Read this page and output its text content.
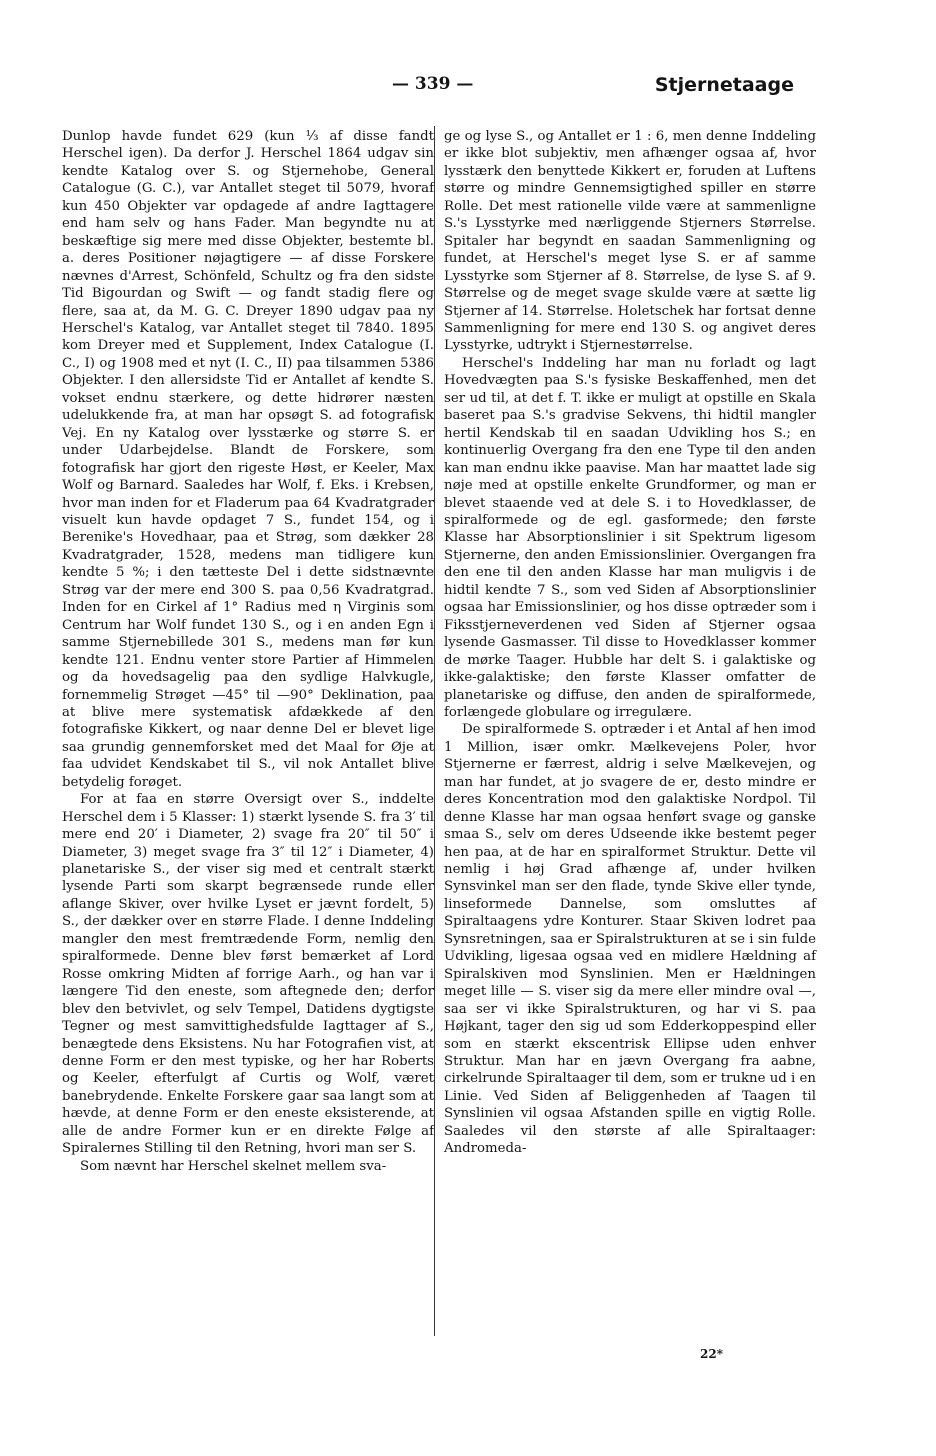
— 339 —	Stjernetaage

Dunlop havde fundet 629 (kun ⅓ af disse fandt Herschel igen). Da derfor J. Herschel 1864 udgav sin kendte Katalog over S. og Stjernehobe, General Catalogue (G. C.), var Antallet steget til 5079, hvoraf kun 450 Objekter var opdagede af andre Iagttagere end ham selv og hans Fader. Man begyndte nu at beskæftige sig mere med disse Objekter, bestemte bl. a. deres Positioner nøjagtigere — af disse Forskere nævnes d'Arrest, Schönfeld, Schultz og fra den sidste Tid Bigourdan og Swift — og fandt stadig flere og flere, saa at, da M. G. C. Dreyer 1890 udgav paa ny Herschel's Katalog, var Antallet steget til 7840. 1895 kom Dreyer med et Supplement, Index Catalogue (I. C., I) og 1908 med et nyt (I. C., II) paa tilsammen 5386 Objekter. I den allersidste Tid er Antallet af kendte S. vokset endnu stærkere, og dette hidrører næsten udelukkende fra, at man har opsøgt S. ad fotografisk Vej. En ny Katalog over lysstærke og større S. er under Udarbejdelse. Blandt de Forskere, som fotografisk har gjort den rigeste Høst, er Keeler, Max Wolf og Barnard. Saaledes har Wolf, f. Eks. i Krebsen, hvor man inden for et Fladerum paa 64 Kvadratgrader visuelt kun havde opdaget 7 S., fundet 154, og i Berenike's Hovedhaar, paa et Strøg, som dækker 28 Kvadratgrader, 1528, medens man tidligere kun kendte 5 %; i den tætteste Del i dette sidstnævnte Strøg var der mere end 300 S. paa 0,56 Kvadratgrad. Inden for en Cirkel af 1° Radius med η Virginis som Centrum har Wolf fundet 130 S., og i en anden Egn i samme Stjernebillede 301 S., medens man før kun kendte 121. Endnu venter store Partier af Himmelen og da hovedsagelig paa den sydlige Halvkugle, fornemmelig Strøget —45° til —90° Deklination, paa at blive mere systematisk afdækkede af den fotografiske Kikkert, og naar denne Del er blevet lige saa grundig gennemforsket med det Maal for Øje at faa udvidet Kendskabet til S., vil nok Antallet blive betydelig forøget.

For at faa en større Oversigt over S., inddelte Herschel dem i 5 Klasser: 1) stærkt lysende S. fra 3′ til mere end 20′ i Diameter, 2) svage fra 20″ til 50″ i Diameter, 3) meget svage fra 3″ til 12″ i Diameter, 4) planetariske S., der viser sig med et centralt stærkt lysende Parti som skarpt begrænsede runde eller aflange Skiver, over hvilke Lyset er jævnt fordelt, 5) S., der dækker over en større Flade. I denne Inddeling mangler den mest fremtrædende Form, nemlig den spiralformede. Denne blev først bemærket af Lord Rosse omkring Midten af forrige Aarh., og han var i længere Tid den eneste, som aftegnede den; derfor blev den betvivlet, og selv Tempel, Datidens dygtigste Tegner og mest samvittighedsfulde Iagttager af S., benægtede dens Eksistens. Nu har Fotografien vist, at denne Form er den mest typiske, og her har Roberts og Keeler, efterfulgt af Curtis og Wolf, været banebrydende. Enkelte Forskere gaar saa langt som at hævde, at denne Form er den eneste eksisterende, at alle de andre Former kun er en direkte Følge af Spiralernes Stilling til den Retning, hvori man ser S.

Som nævnt har Herschel skelnet mellem sva-

ge og lyse S., og Antallet er 1 : 6, men denne Inddeling er ikke blot subjektiv, men afhænger ogsaa af, hvor lysstærk den benyttede Kikkert er, foruden at Luftens større og mindre Gennemsigtighed spiller en større Rolle. Det mest rationelle vilde være at sammenligne S.'s Lysstyrke med nærliggende Stjerners Størrelse. Spitaler har begyndt en saadan Sammenligning og fundet, at Herschel's meget lyse S. er af samme Lysstyrke som Stjerner af 8. Størrelse, de lyse S. af 9. Størrelse og de meget svage skulde være at sætte lig Stjerner af 14. Størrelse. Holetschek har fortsat denne Sammenligning for mere end 130 S. og angivet deres Lysstyrke, udtrykt i Stjernestørrelse.

Herschel's Inddeling har man nu forladt og lagt Hovedvægten paa S.'s fysiske Beskaffenhed, men det ser ud til, at det f. T. ikke er muligt at opstille en Skala baseret paa S.'s gradvise Sekvens, thi hidtil mangler hertil Kendskab til en saadan Udvikling hos S.; en kontinuerlig Overgang fra den ene Type til den anden kan man endnu ikke paavise. Man har maattet lade sig nøje med at opstille enkelte Grundformer, og man er blevet staaende ved at dele S. i to Hovedklasser, de spiralformede og de egl. gasformede; den første Klasse har Absorptionslinier i sit Spektrum ligesom Stjernerne, den anden Emissionslinier. Overgangen fra den ene til den anden Klasse har man muligvis i de hidtil kendte 7 S., som ved Siden af Absorptionslinier ogsaa har Emissionslinier, og hos disse optræder som i Fiksstjerneverdenen ved Siden af Stjerner ogsaa lysende Gasmasser. Til disse to Hovedklasser kommer de mørke Taager. Hubble har delt S. i galaktiske og ikke-galaktiske; den første Klasser omfatter de planetariske og diffuse, den anden de spiralformede, forlængede globulare og irregulære.

De spiralformede S. optræder i et Antal af hen imod 1 Million, især omkr. Mælkevejens Poler, hvor Stjernerne er færrest, aldrig i selve Mælkevejen, og man har fundet, at jo svagere de er, desto mindre er deres Koncentration mod den galaktiske Nordpol. Til denne Klasse har man ogsaa henført svage og ganske smaa S., selv om deres Udseende ikke bestemt peger hen paa, at de har en spiralformet Struktur. Dette vil nemlig i høj Grad afhænge af, under hvilken Synsvinkel man ser den flade, tynde Skive eller tynde, linseformede Dannelse, som omsluttes af Spiraltaagens ydre Konturer. Staar Skiven lodret paa Synsretningen, saa er Spiralstrukturen at se i sin fulde Udvikling, ligesaa ogsaa ved en midlere Hældning af Spiralskiven mod Synslinien. Men er Hældningen meget lille — S. viser sig da mere eller mindre oval —, saa ser vi ikke Spiralstrukturen, og har vi S. paa Højkant, tager den sig ud som Edderkoppespind eller som en stærkt ekscentrisk Ellipse uden enhver Struktur. Man har en jævn Overgang fra aabne, cirkelrunde Spiraltaager til dem, som er trukne ud i en Linie. Ved Siden af Beliggenheden af Taagen til Synslinien vil ogsaa Afstanden spille en vigtig Rolle. Saaledes vil den største af alle Spiraltaager: Andromeda-

22*
